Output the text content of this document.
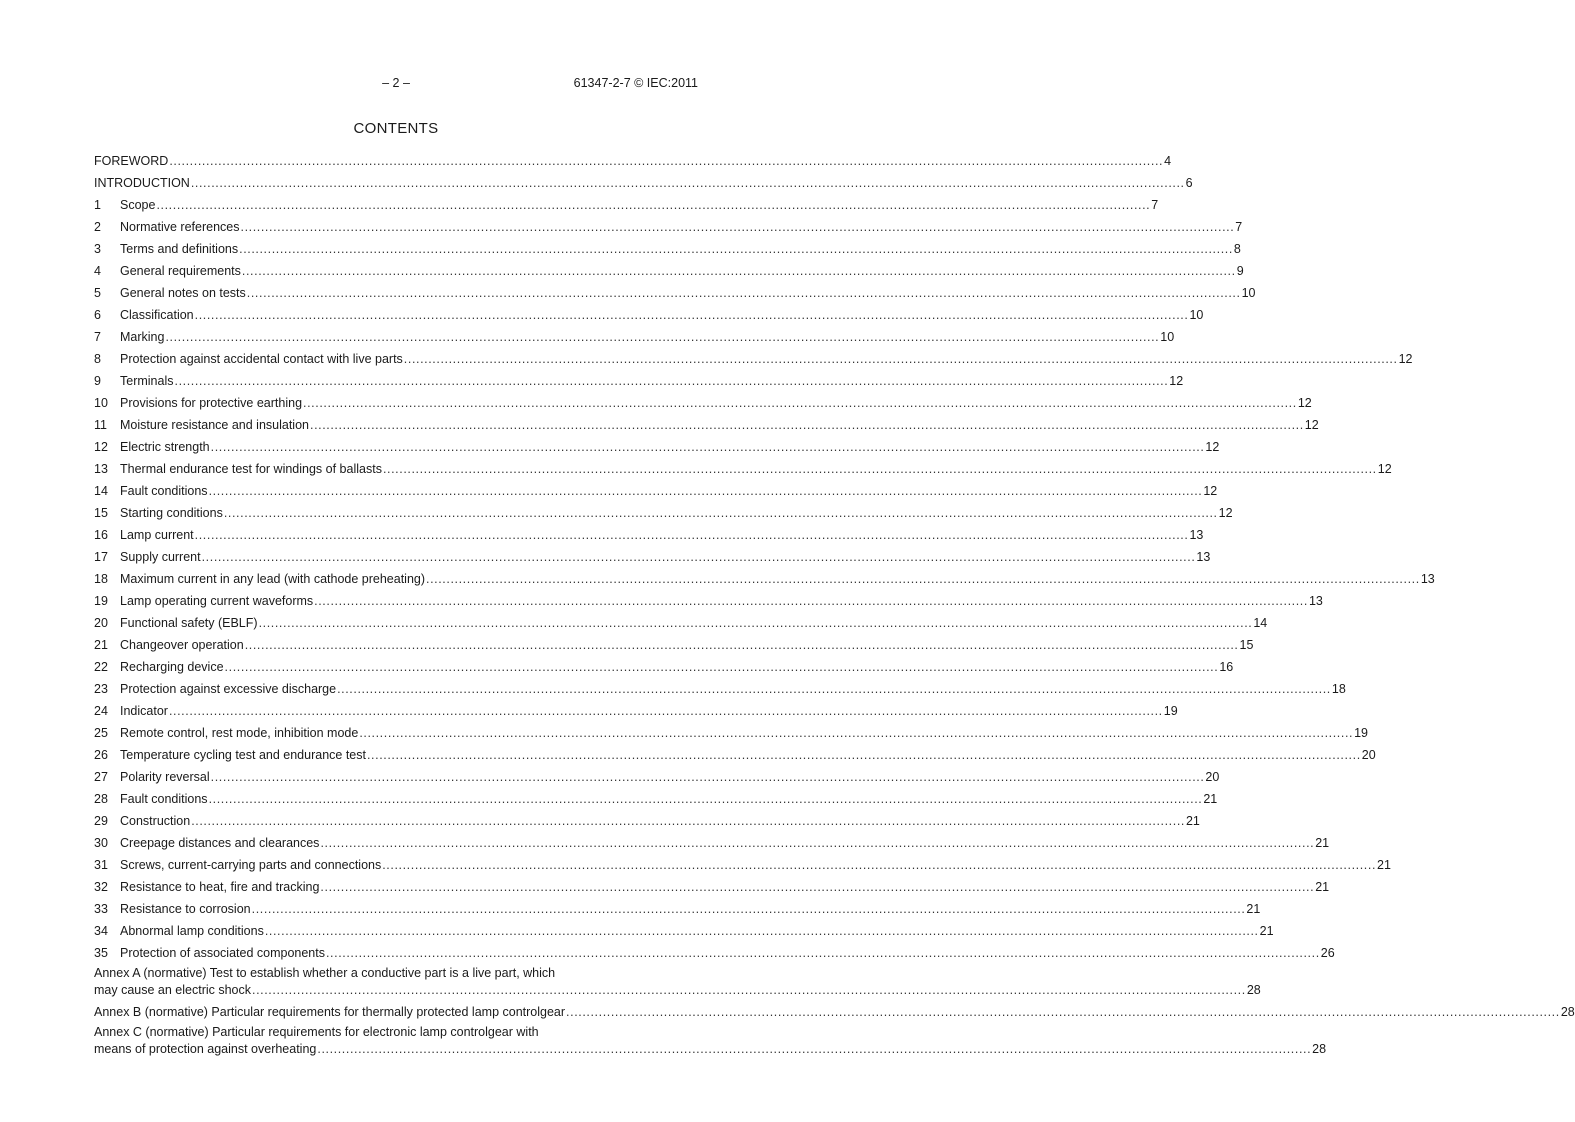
– 2 –	61347-2-7 © IEC:2011
CONTENTS
FOREWORD .................................................................................................................................................................................................................................................... 4
INTRODUCTION .................................................................................................................................................................................................................................................... 6
1	Scope .................................................................................................................................................................................................................................................... 7
2	Normative references .................................................................................................................................................................................................................................................... 7
3	Terms and definitions .................................................................................................................................................................................................................................................... 8
4	General requirements .................................................................................................................................................................................................................................................... 9
5	General notes on tests .................................................................................................................................................................................................................................................... 10
6	Classification .................................................................................................................................................................................................................................................... 10
7	Marking .................................................................................................................................................................................................................................................... 10
8	Protection against accidental contact with live parts .................................................................................................................................................................................................................................................... 12
9	Terminals .................................................................................................................................................................................................................................................... 12
10 Provisions for protective earthing .................................................................................................................................................................................................................................................... 12
11	Moisture resistance and insulation .................................................................................................................................................................................................................................................... 12
12 Electric strength .................................................................................................................................................................................................................................................... 12
13 Thermal endurance test for windings of ballasts .................................................................................................................................................................................................................................................... 12
14 Fault conditions .................................................................................................................................................................................................................................................... 12
15 Starting conditions .................................................................................................................................................................................................................................................... 12
16 Lamp current .................................................................................................................................................................................................................................................... 13
17 Supply current .................................................................................................................................................................................................................................................... 13
18 Maximum current in any lead (with cathode preheating) .................................................................................................................................................................................................................................................... 13
19 Lamp operating current waveforms .................................................................................................................................................................................................................................................... 13
20 Functional safety (EBLF) .................................................................................................................................................................................................................................................... 14
21 Changeover operation .................................................................................................................................................................................................................................................... 15
22 Recharging device .................................................................................................................................................................................................................................................... 16
23 Protection against excessive discharge .................................................................................................................................................................................................................................................... 18
24 Indicator .................................................................................................................................................................................................................................................... 19
25 Remote control, rest mode, inhibition mode .................................................................................................................................................................................................................................................... 19
26 Temperature cycling test and endurance test .................................................................................................................................................................................................................................................... 20
27 Polarity reversal .................................................................................................................................................................................................................................................... 20
28 Fault conditions .................................................................................................................................................................................................................................................... 21
29 Construction .................................................................................................................................................................................................................................................... 21
30 Creepage distances and clearances .................................................................................................................................................................................................................................................... 21
31 Screws, current-carrying parts and connections .................................................................................................................................................................................................................................................... 21
32 Resistance to heat, fire and tracking .................................................................................................................................................................................................................................................... 21
33 Resistance to corrosion .................................................................................................................................................................................................................................................... 21
34 Abnormal lamp conditions .................................................................................................................................................................................................................................................... 21
35 Protection of associated components .................................................................................................................................................................................................................................................... 26
Annex A (normative) Test to establish whether a conductive part is a live part, which
may cause an electric shock .................................................................................................................................................................................................................................................... 28
Annex B (normative) Particular requirements for thermally protected lamp controlgear .................................................................................................................................................................................................................................................... 28
Annex C (normative) Particular requirements for electronic lamp controlgear with
means of protection against overheating .................................................................................................................................................................................................................................................... 28
